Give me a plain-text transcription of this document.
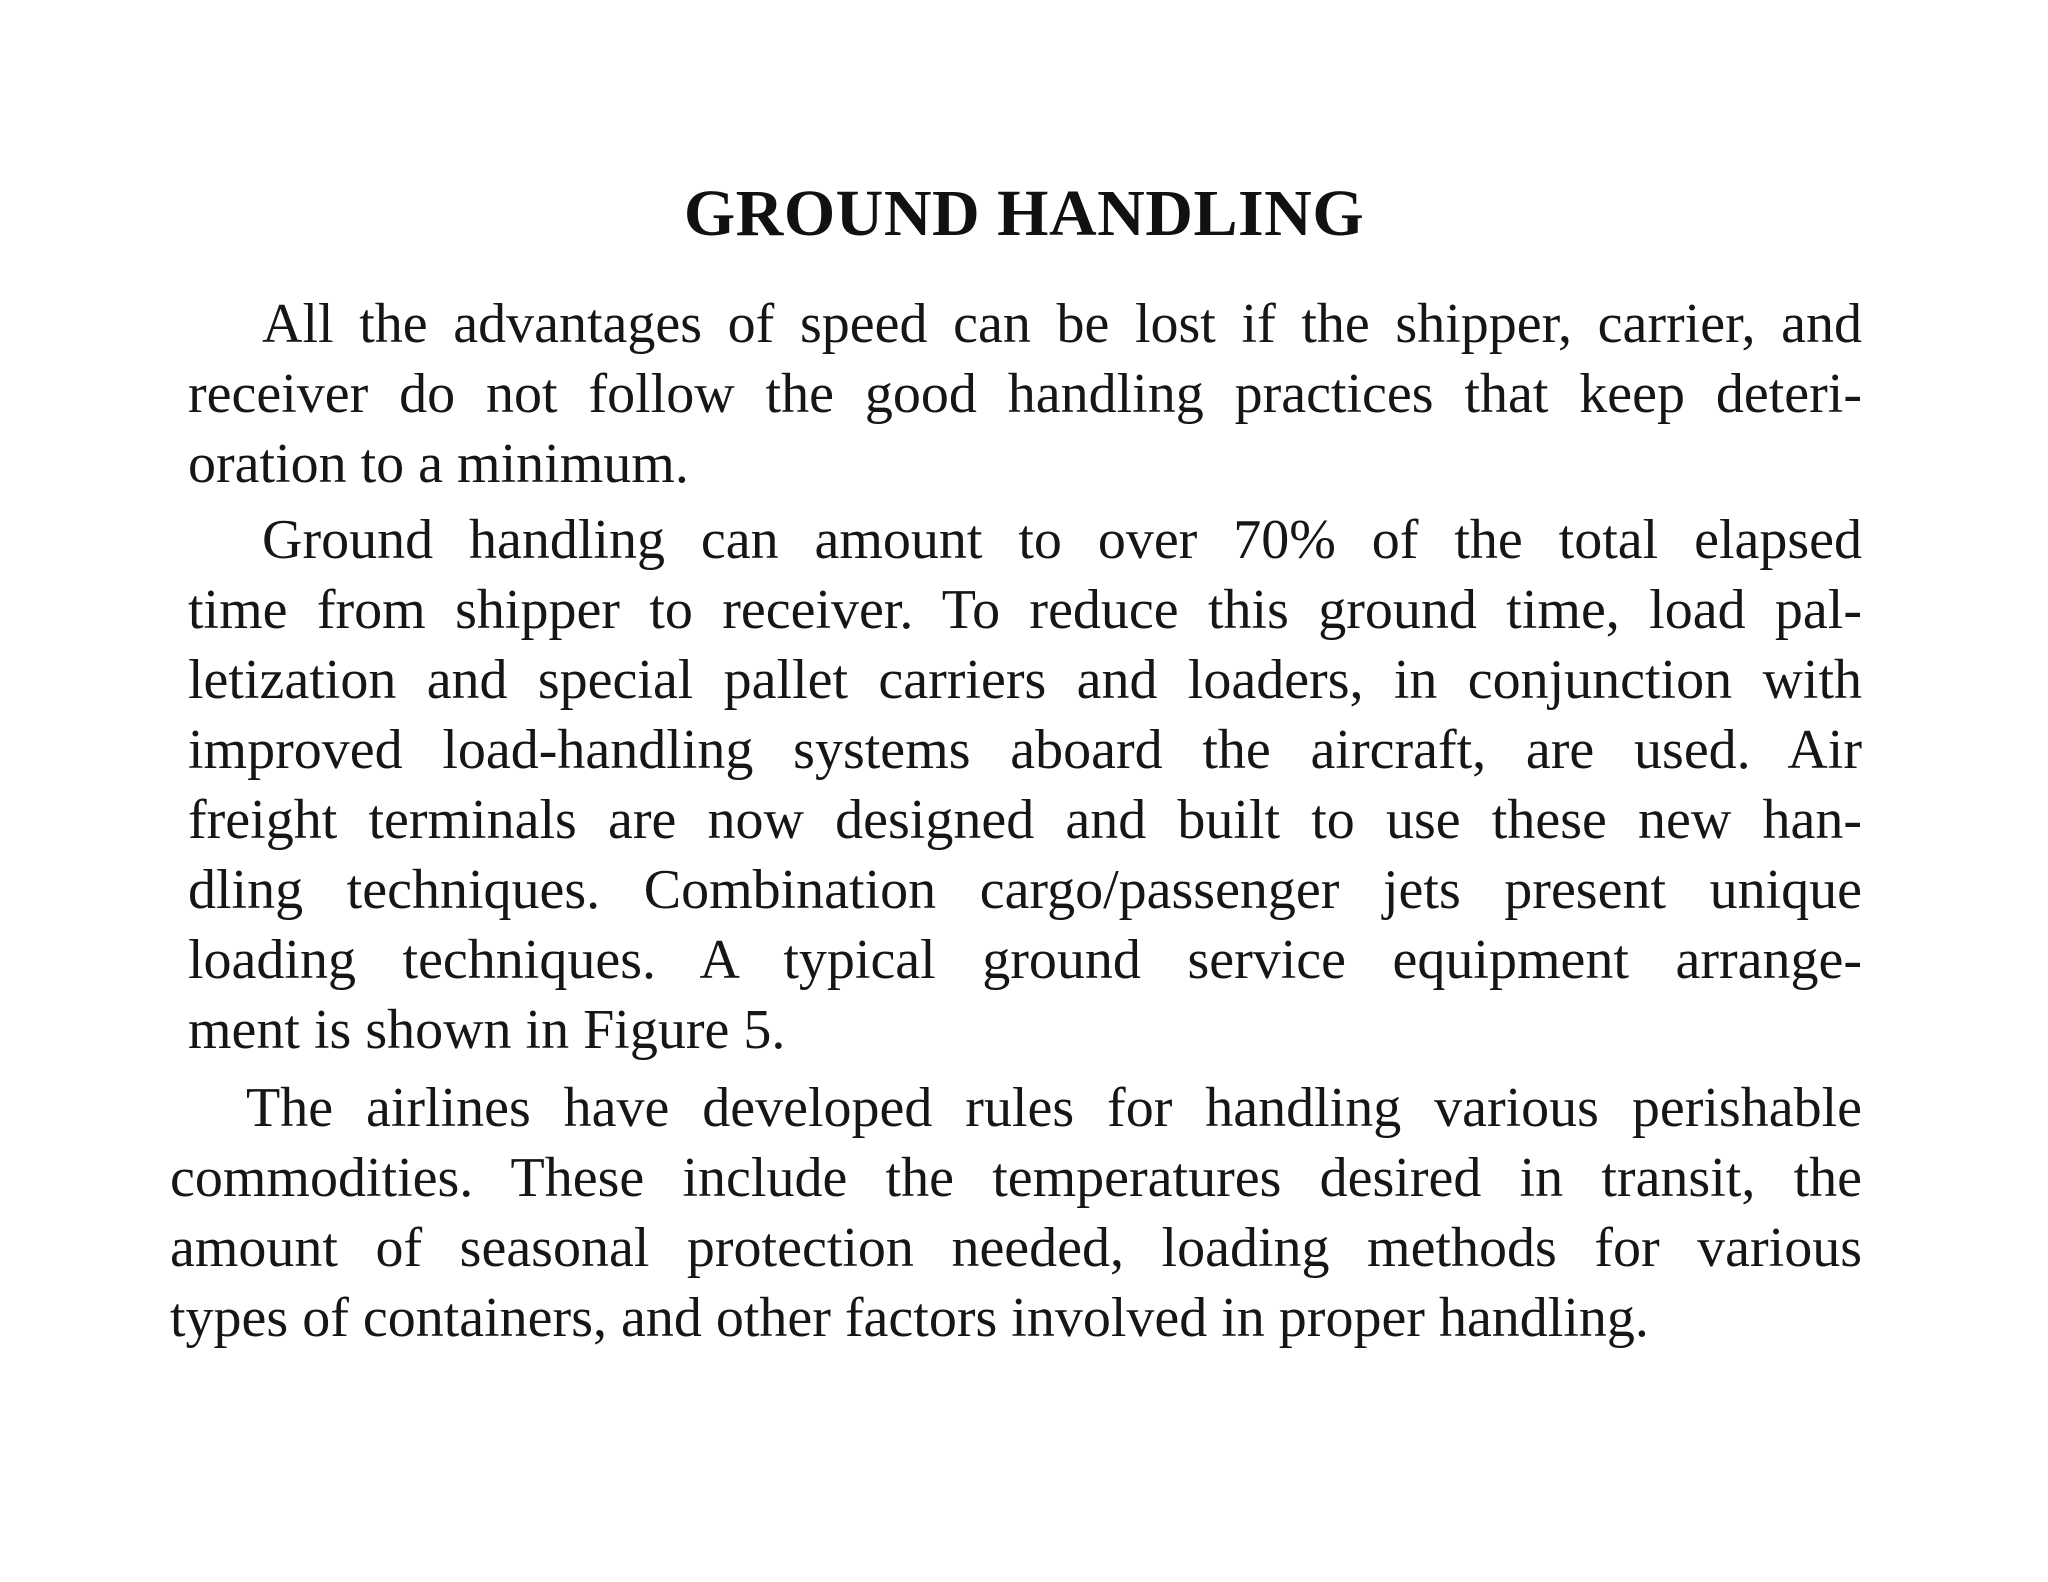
GROUND HANDLING

All the advantages of speed can be lost if the shipper, carrier, and

receiver do not follow the good handling practices that keep deteri-

oration to a minimum.

Ground handling can amount to over 70% of the total elapsed

time from shipper to receiver. To reduce this ground time, load pal-

letization and special pallet carriers and loaders, in conjunction with

improved load-handling systems aboard the aircraft, are used. Air

freight terminals are now designed and built to use these new han-

dling techniques. Combination cargo/passenger jets present unique

loading techniques. A typical ground service equipment arrange-

ment is shown in Figure 5.

The airlines have developed rules for handling various perishable

commodities. These include the temperatures desired in transit, the

amount of seasonal protection needed, loading methods for various

types of containers, and other factors involved in proper handling.
